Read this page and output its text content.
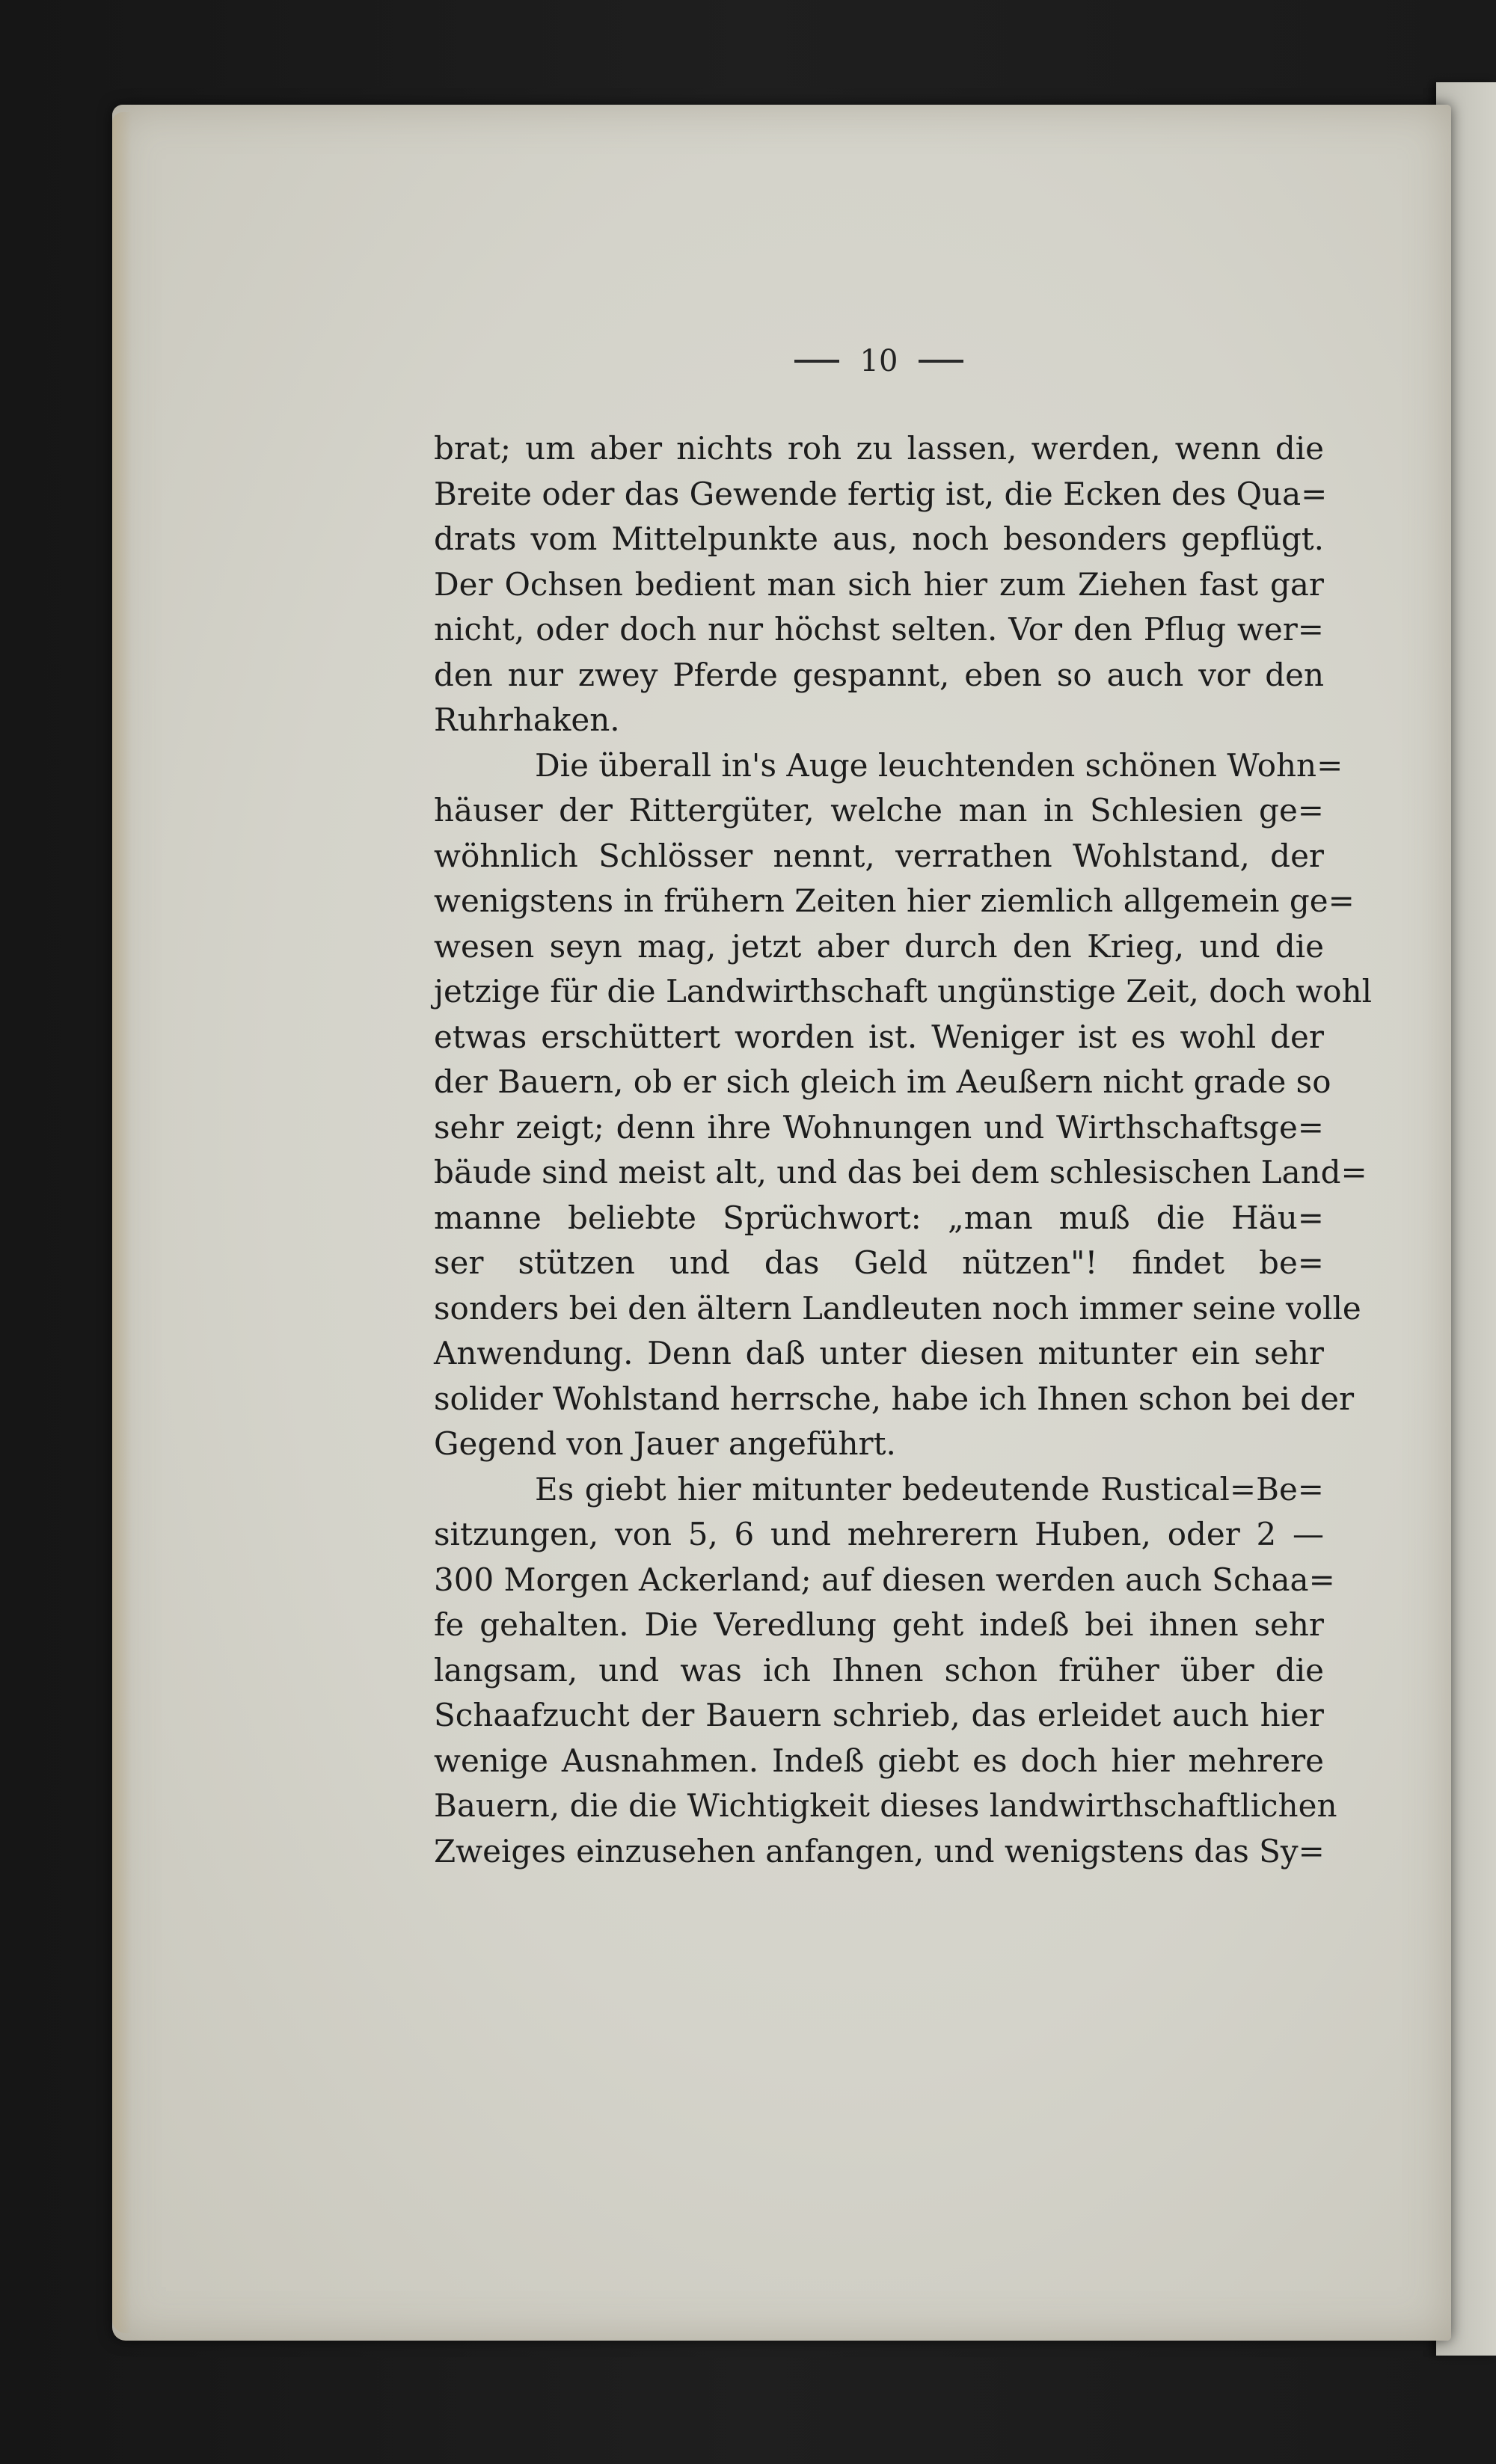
10
brat; um aber nichts roh zu lassen, werden, wenn die
Breite oder das Gewende fertig ist, die Ecken des Qua=
drats vom Mittelpunkte aus, noch besonders gepflügt.
Der Ochsen bedient man sich hier zum Ziehen fast gar
nicht, oder doch nur höchst selten. Vor den Pflug wer=
den nur zwey Pferde gespannt, eben so auch vor den
Ruhrhaken.
Die überall in's Auge leuchtenden schönen Wohn=
häuser der Rittergüter, welche man in Schlesien ge=
wöhnlich Schlösser nennt, verrathen Wohlstand, der
wenigstens in frühern Zeiten hier ziemlich allgemein ge=
wesen seyn mag, jetzt aber durch den Krieg, und die
jetzige für die Landwirthschaft ungünstige Zeit, doch wohl
etwas erschüttert worden ist. Weniger ist es wohl der
der Bauern, ob er sich gleich im Aeußern nicht grade so
sehr zeigt; denn ihre Wohnungen und Wirthschaftsge=
bäude sind meist alt, und das bei dem schlesischen Land=
manne beliebte Sprüchwort: „man muß die Häu=
ser stützen und das Geld nützen"! findet be=
sonders bei den ältern Landleuten noch immer seine volle
Anwendung. Denn daß unter diesen mitunter ein sehr
solider Wohlstand herrsche, habe ich Ihnen schon bei der
Gegend von Jauer angeführt.
Es giebt hier mitunter bedeutende Rustical=Be=
sitzungen, von 5, 6 und mehrerern Huben, oder 2 —
300 Morgen Ackerland; auf diesen werden auch Schaa=
fe gehalten. Die Veredlung geht indeß bei ihnen sehr
langsam, und was ich Ihnen schon früher über die
Schaafzucht der Bauern schrieb, das erleidet auch hier
wenige Ausnahmen. Indeß giebt es doch hier mehrere
Bauern, die die Wichtigkeit dieses landwirthschaftlichen
Zweiges einzusehen anfangen, und wenigstens das Sy=
